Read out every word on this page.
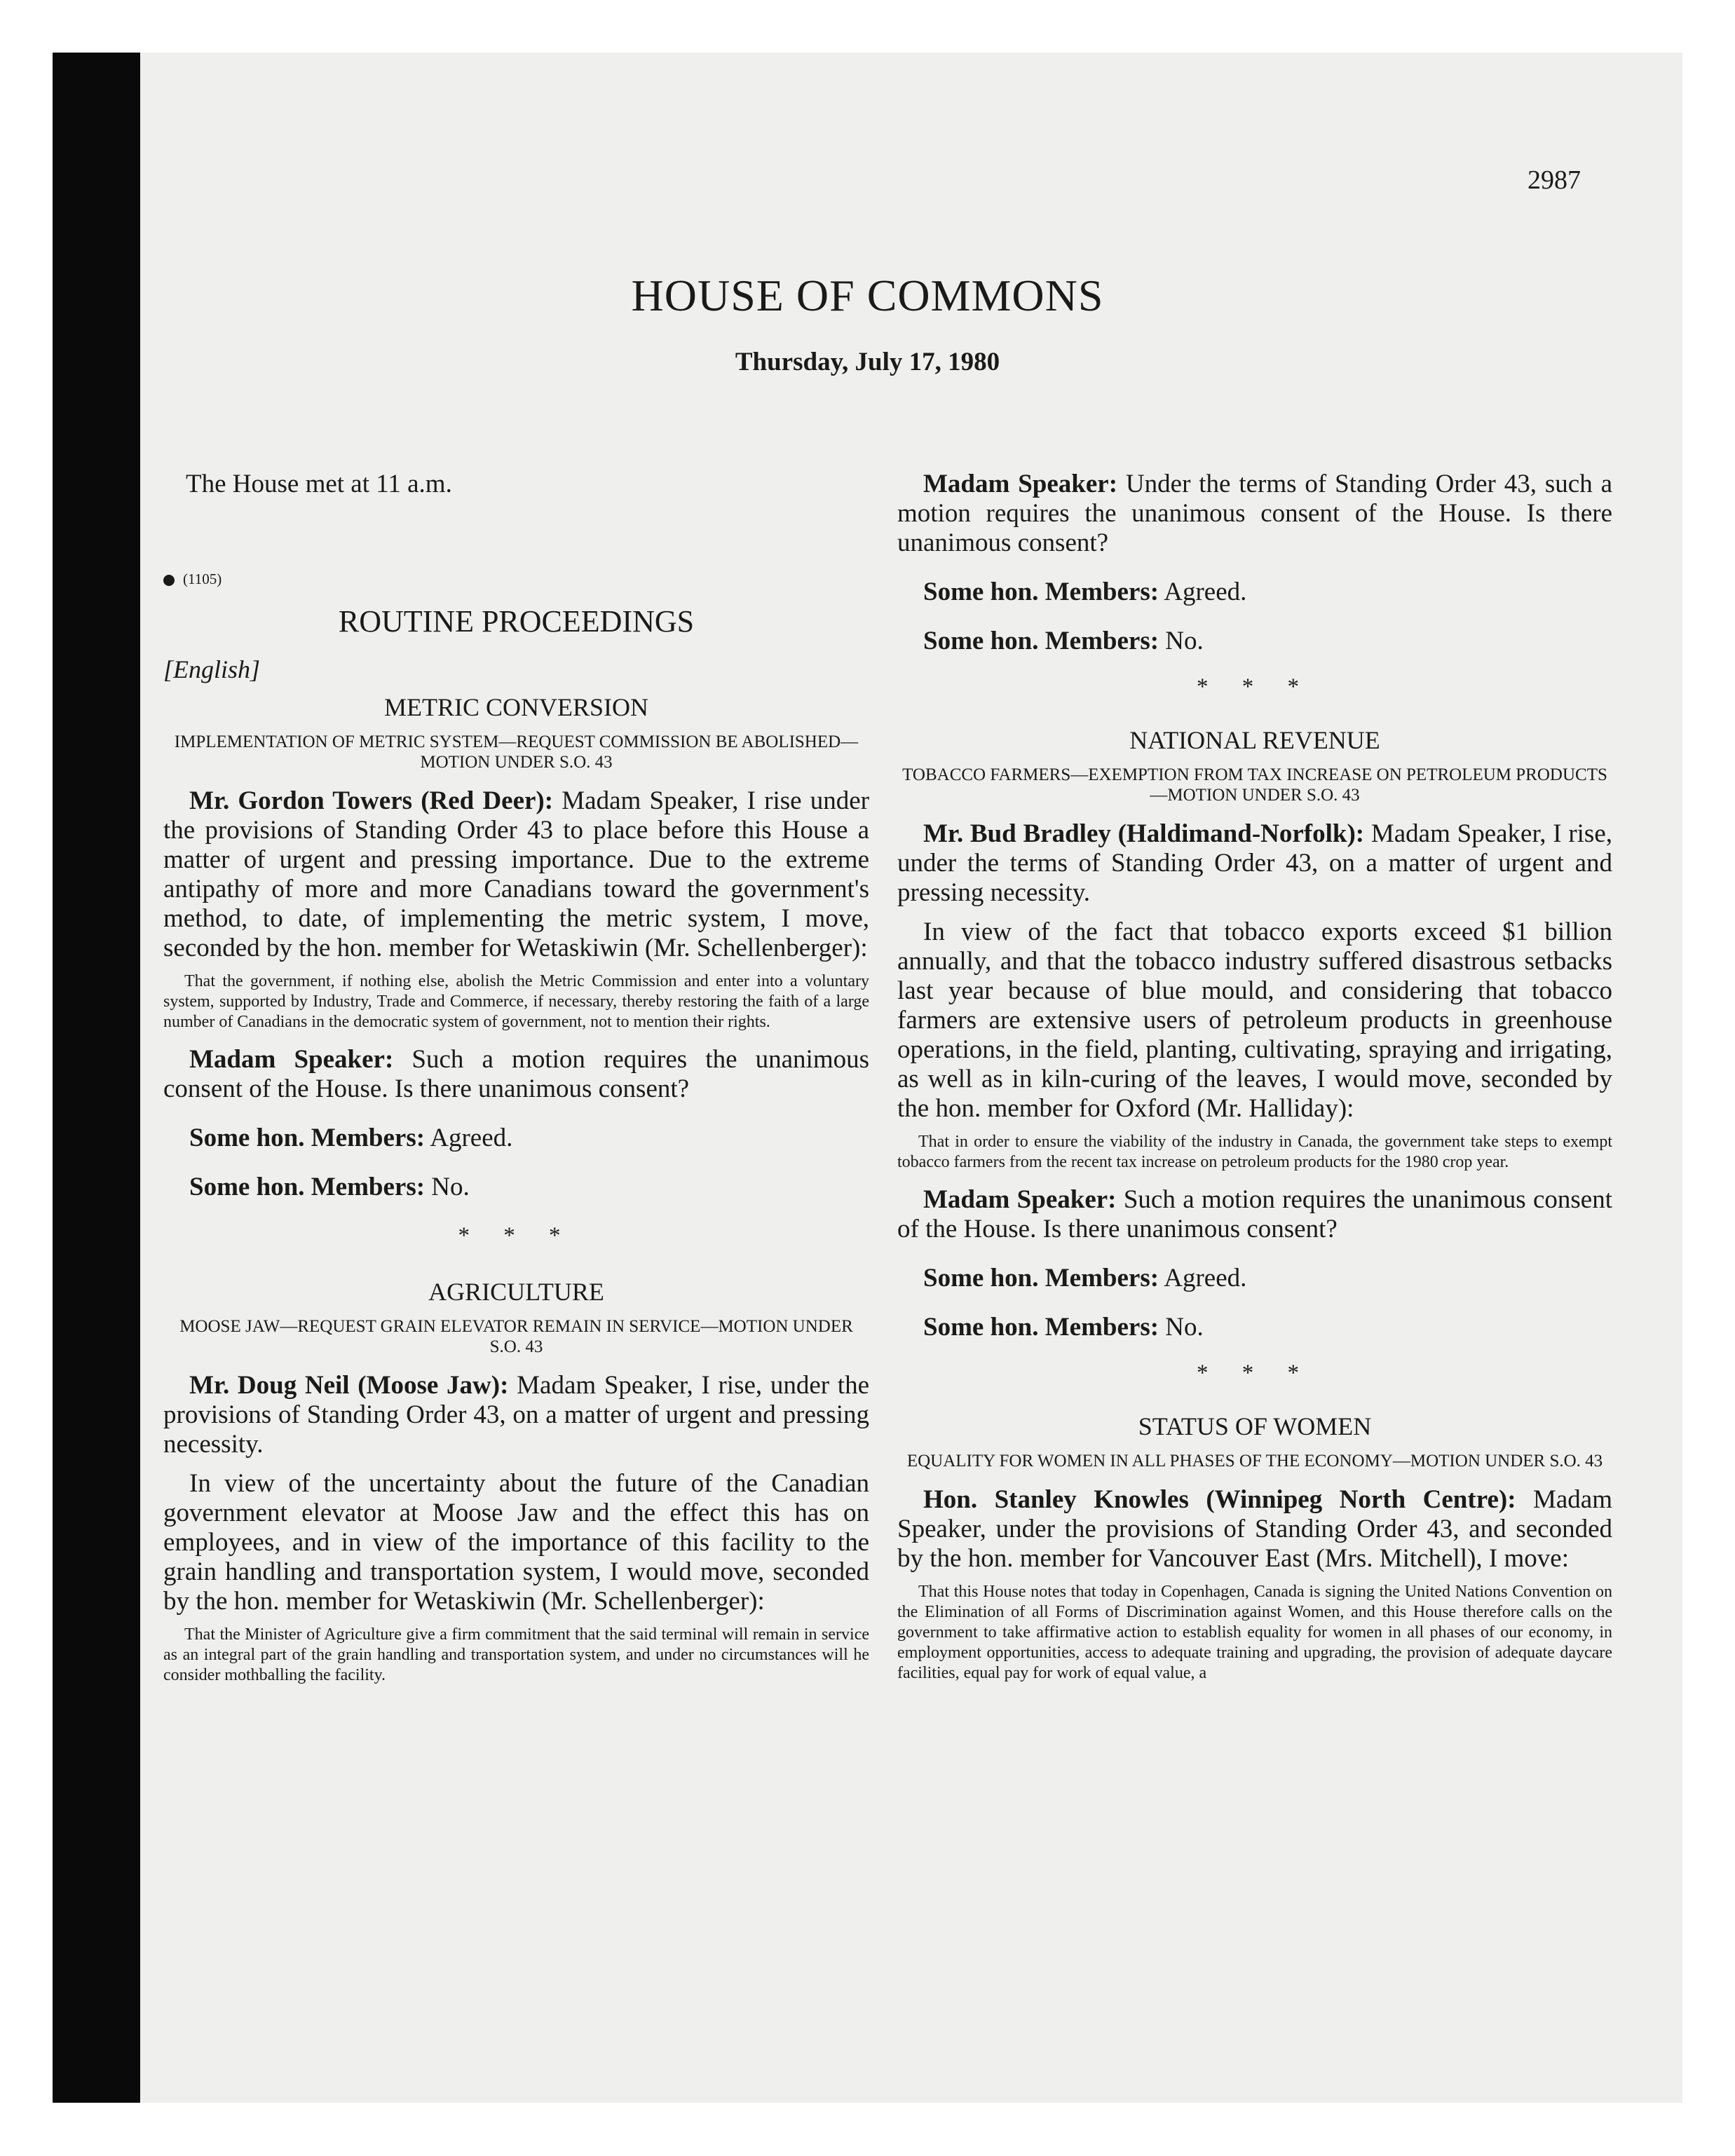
2987
HOUSE OF COMMONS
Thursday, July 17, 1980

The House met at 11 a.m.

(1105)

ROUTINE PROCEEDINGS

[English]

METRIC CONVERSION

IMPLEMENTATION OF METRIC SYSTEM—REQUEST COMMISSION BE ABOLISHED—MOTION UNDER S.O. 43

Mr. Gordon Towers (Red Deer): Madam Speaker, I rise under the provisions of Standing Order 43 to place before this House a matter of urgent and pressing importance. Due to the extreme antipathy of more and more Canadians toward the government's method, to date, of implementing the metric system, I move, seconded by the hon. member for Wetaskiwin (Mr. Schellenberger):

That the government, if nothing else, abolish the Metric Commission and enter into a voluntary system, supported by Industry, Trade and Commerce, if necessary, thereby restoring the faith of a large number of Canadians in the democratic system of government, not to mention their rights.

Madam Speaker: Such a motion requires the unanimous consent of the House. Is there unanimous consent?

Some hon. Members: Agreed.

Some hon. Members: No.

* * *

AGRICULTURE

MOOSE JAW—REQUEST GRAIN ELEVATOR REMAIN IN SERVICE—MOTION UNDER S.O. 43

Mr. Doug Neil (Moose Jaw): Madam Speaker, I rise, under the provisions of Standing Order 43, on a matter of urgent and pressing necessity.

In view of the uncertainty about the future of the Canadian government elevator at Moose Jaw and the effect this has on employees, and in view of the importance of this facility to the grain handling and transportation system, I would move, seconded by the hon. member for Wetaskiwin (Mr. Schellenberger):

That the Minister of Agriculture give a firm commitment that the said terminal will remain in service as an integral part of the grain handling and transportation system, and under no circumstances will he consider mothballing the facility.

Madam Speaker: Under the terms of Standing Order 43, such a motion requires the unanimous consent of the House. Is there unanimous consent?

Some hon. Members: Agreed.

Some hon. Members: No.

* * *

NATIONAL REVENUE

TOBACCO FARMERS—EXEMPTION FROM TAX INCREASE ON PETROLEUM PRODUCTS—MOTION UNDER S.O. 43

Mr. Bud Bradley (Haldimand-Norfolk): Madam Speaker, I rise, under the terms of Standing Order 43, on a matter of urgent and pressing necessity.

In view of the fact that tobacco exports exceed $1 billion annually, and that the tobacco industry suffered disastrous setbacks last year because of blue mould, and considering that tobacco farmers are extensive users of petroleum products in greenhouse operations, in the field, planting, cultivating, spraying and irrigating, as well as in kiln-curing of the leaves, I would move, seconded by the hon. member for Oxford (Mr. Halliday):

That in order to ensure the viability of the industry in Canada, the government take steps to exempt tobacco farmers from the recent tax increase on petroleum products for the 1980 crop year.

Madam Speaker: Such a motion requires the unanimous consent of the House. Is there unanimous consent?

Some hon. Members: Agreed.

Some hon. Members: No.

* * *

STATUS OF WOMEN

EQUALITY FOR WOMEN IN ALL PHASES OF THE ECONOMY—MOTION UNDER S.O. 43

Hon. Stanley Knowles (Winnipeg North Centre): Madam Speaker, under the provisions of Standing Order 43, and seconded by the hon. member for Vancouver East (Mrs. Mitchell), I move:

That this House notes that today in Copenhagen, Canada is signing the United Nations Convention on the Elimination of all Forms of Discrimination against Women, and this House therefore calls on the government to take affirmative action to establish equality for women in all phases of our economy, in employment opportunities, access to adequate training and upgrading, the provision of adequate daycare facilities, equal pay for work of equal value, a
